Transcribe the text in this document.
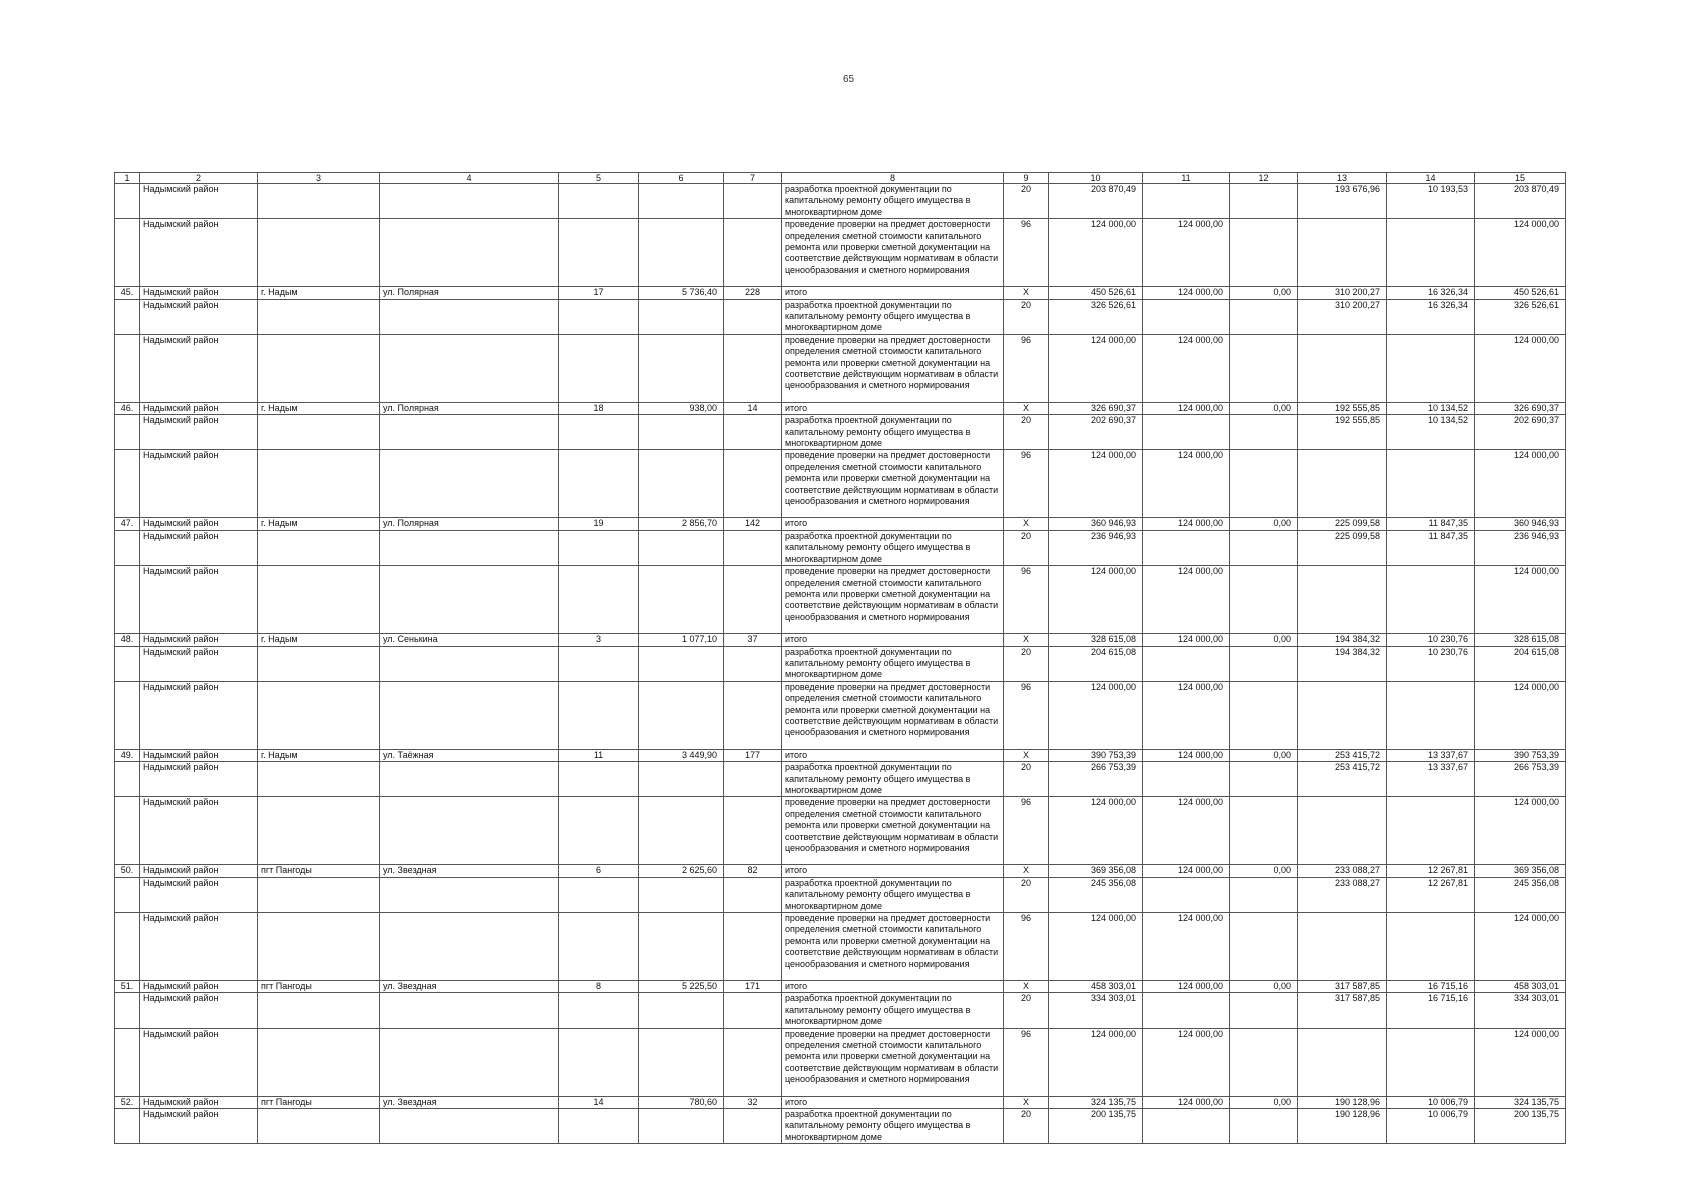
65
1	2	3	4	5	6	7	8	9	10	11	12	13	14	15
	Надымский район						разработка проектной документации по капитальному ремонту общего имущества в многоквартирном доме	20	203 870,49			193 676,96	10 193,53	203 870,49
	Надымский район						проведение проверки на предмет достоверности определения сметной стоимости капитального ремонта или проверки сметной документации на соответствие действующим нормативам в области ценообразования и сметного нормирования	96	124 000,00	124 000,00				124 000,00
45.	Надымский район	г. Надым	ул. Полярная	17	5 736,40	228	итого	Х	450 526,61	124 000,00	0,00	310 200,27	16 326,34	450 526,61
	Надымский район						разработка проектной документации по капитальному ремонту общего имущества в многоквартирном доме	20	326 526,61			310 200,27	16 326,34	326 526,61
	Надымский район						проведение проверки на предмет достоверности определения сметной стоимости капитального ремонта или проверки сметной документации на соответствие действующим нормативам в области ценообразования и сметного нормирования	96	124 000,00	124 000,00				124 000,00
46.	Надымский район	г. Надым	ул. Полярная	18	938,00	14	итого	Х	326 690,37	124 000,00	0,00	192 555,85	10 134,52	326 690,37
	Надымский район						разработка проектной документации по капитальному ремонту общего имущества в многоквартирном доме	20	202 690,37			192 555,85	10 134,52	202 690,37
	Надымский район						проведение проверки на предмет достоверности определения сметной стоимости капитального ремонта или проверки сметной документации на соответствие действующим нормативам в области ценообразования и сметного нормирования	96	124 000,00	124 000,00				124 000,00
47.	Надымский район	г. Надым	ул. Полярная	19	2 856,70	142	итого	Х	360 946,93	124 000,00	0,00	225 099,58	11 847,35	360 946,93
	Надымский район						разработка проектной документации по капитальному ремонту общего имущества в многоквартирном доме	20	236 946,93			225 099,58	11 847,35	236 946,93
	Надымский район						проведение проверки на предмет достоверности определения сметной стоимости капитального ремонта или проверки сметной документации на соответствие действующим нормативам в области ценообразования и сметного нормирования	96	124 000,00	124 000,00				124 000,00
48.	Надымский район	г. Надым	ул. Сенькина	3	1 077,10	37	итого	Х	328 615,08	124 000,00	0,00	194 384,32	10 230,76	328 615,08
	Надымский район						разработка проектной документации по капитальному ремонту общего имущества в многоквартирном доме	20	204 615,08			194 384,32	10 230,76	204 615,08
	Надымский район						проведение проверки на предмет достоверности определения сметной стоимости капитального ремонта или проверки сметной документации на соответствие действующим нормативам в области ценообразования и сметного нормирования	96	124 000,00	124 000,00				124 000,00
49.	Надымский район	г. Надым	ул. Таёжная	11	3 449,90	177	итого	Х	390 753,39	124 000,00	0,00	253 415,72	13 337,67	390 753,39
	Надымский район						разработка проектной документации по капитальному ремонту общего имущества в многоквартирном доме	20	266 753,39			253 415,72	13 337,67	266 753,39
	Надымский район						проведение проверки на предмет достоверности определения сметной стоимости капитального ремонта или проверки сметной документации на соответствие действующим нормативам в области ценообразования и сметного нормирования	96	124 000,00	124 000,00				124 000,00
50.	Надымский район	пгт Пангоды	ул. Звездная	6	2 625,60	82	итого	Х	369 356,08	124 000,00	0,00	233 088,27	12 267,81	369 356,08
	Надымский район						разработка проектной документации по капитальному ремонту общего имущества в многоквартирном доме	20	245 356,08			233 088,27	12 267,81	245 356,08
	Надымский район						проведение проверки на предмет достоверности определения сметной стоимости капитального ремонта или проверки сметной документации на соответствие действующим нормативам в области ценообразования и сметного нормирования	96	124 000,00	124 000,00				124 000,00
51.	Надымский район	пгт Пангоды	ул. Звездная	8	5 225,50	171	итого	Х	458 303,01	124 000,00	0,00	317 587,85	16 715,16	458 303,01
	Надымский район						разработка проектной документации по капитальному ремонту общего имущества в многоквартирном доме	20	334 303,01			317 587,85	16 715,16	334 303,01
	Надымский район						проведение проверки на предмет достоверности определения сметной стоимости капитального ремонта или проверки сметной документации на соответствие действующим нормативам в области ценообразования и сметного нормирования	96	124 000,00	124 000,00				124 000,00
52.	Надымский район	пгт Пангоды	ул. Звездная	14	780,60	32	итого	Х	324 135,75	124 000,00	0,00	190 128,96	10 006,79	324 135,75
	Надымский район						разработка проектной документации по капитальному ремонту общего имущества в многоквартирном доме	20	200 135,75			190 128,96	10 006,79	200 135,75
